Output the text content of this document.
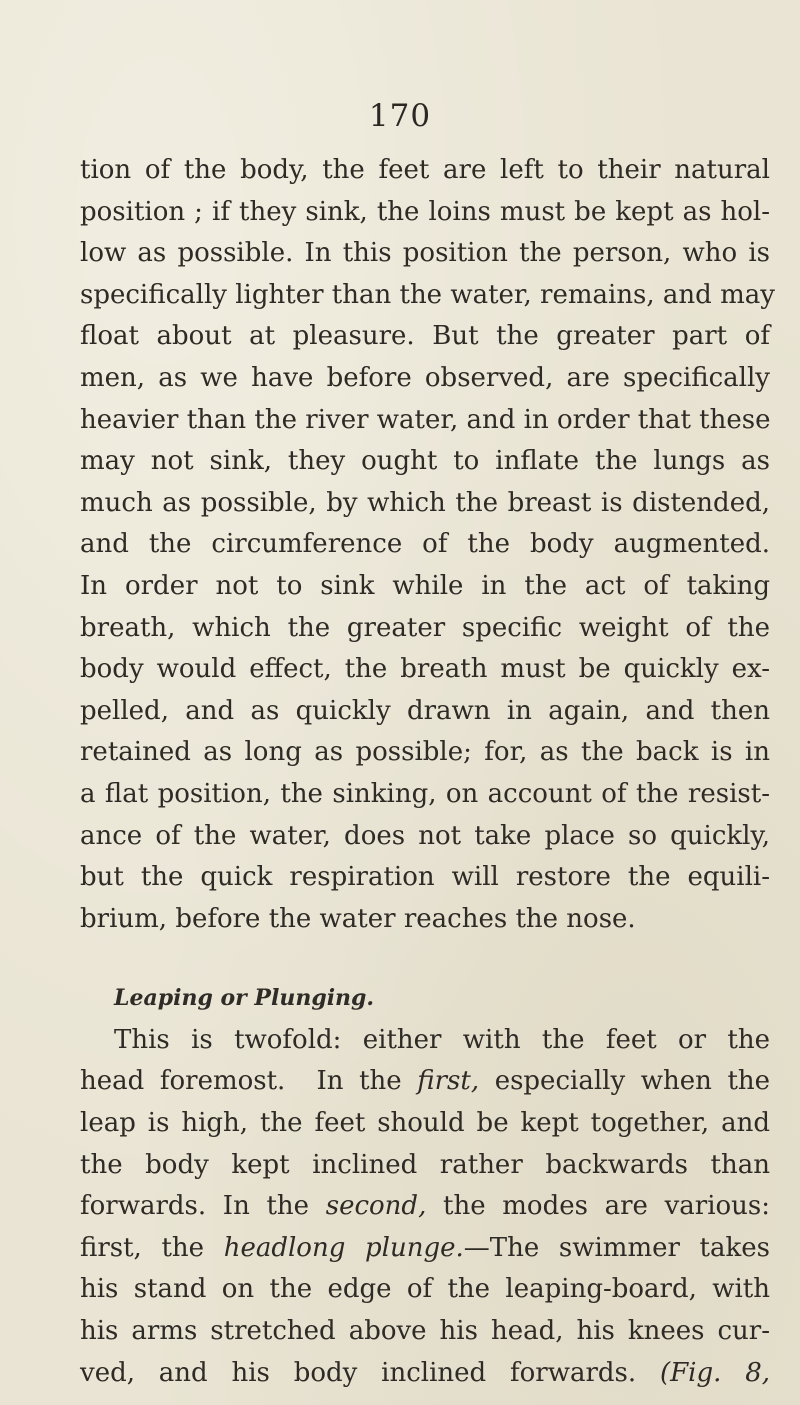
170
tion of the body, the feet are left to their natural
position ; if they sink, the loins must be kept as hol-
low as possible. In this position the person, who is
specifically lighter than the water, remains, and may
float about at pleasure. But the greater part of
men, as we have before observed, are specifically
heavier than the river water, and in order that these
may not sink, they ought to inflate the lungs as
much as possible, by which the breast is distended,
and the circumference of the body augmented.
In order not to sink while in the act of taking
breath, which the greater specific weight of the
body would effect, the breath must be quickly ex-
pelled, and as quickly drawn in again, and then
retained as long as possible; for, as the back is in
a flat position, the sinking, on account of the resist-
ance of the water, does not take place so quickly,
but the quick respiration will restore the equili-
brium, before the water reaches the nose.
Leaping or Plunging.
This is twofold: either with the feet or the
head foremost. In the first, especially when the
leap is high, the feet should be kept together, and
the body kept inclined rather backwards than
forwards. In the second, the modes are various:
first, the headlong plunge.—The swimmer takes
his stand on the edge of the leaping-board, with
his arms stretched above his head, his knees cur-
ved, and his body inclined forwards. (Fig. 8,
